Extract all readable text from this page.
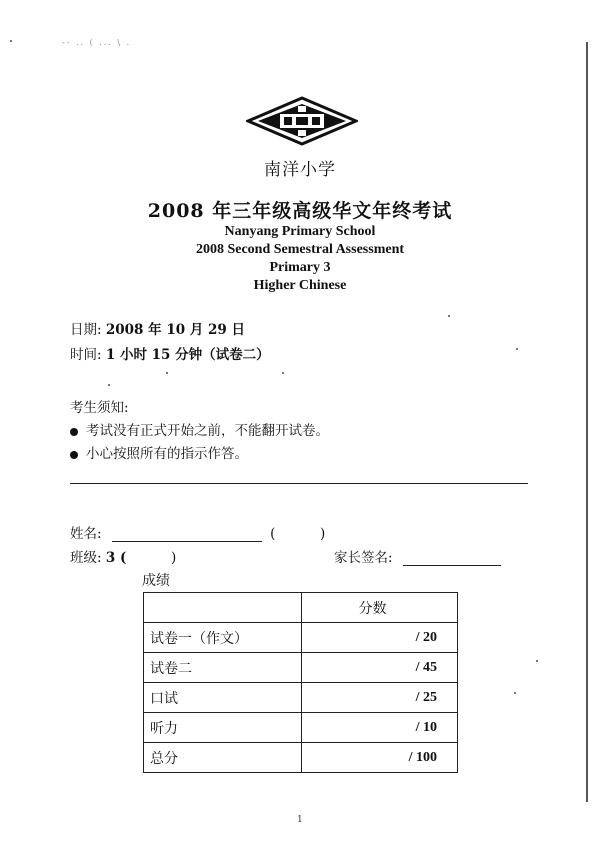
-- .. ( ... \ .
南洋小学
2008 年三年级高级华文年终考试
Nanyang Primary School
2008 Second Semestral Assessment
Primary 3
Higher Chinese
日期: 2008 年 10 月 29 日
时间: 1 小时 15 分钟（试卷二）
考生须知:
考试没有正式开始之前，不能翻开试卷。
小心按照所有的指示作答。
姓名:	(	)
班级: 3 (	)	家长签名:
成绩
	分数
试卷一（作文）	/ 20
试卷二	/ 45
口试	/ 25
听力	/ 10
总分	/ 100
1
